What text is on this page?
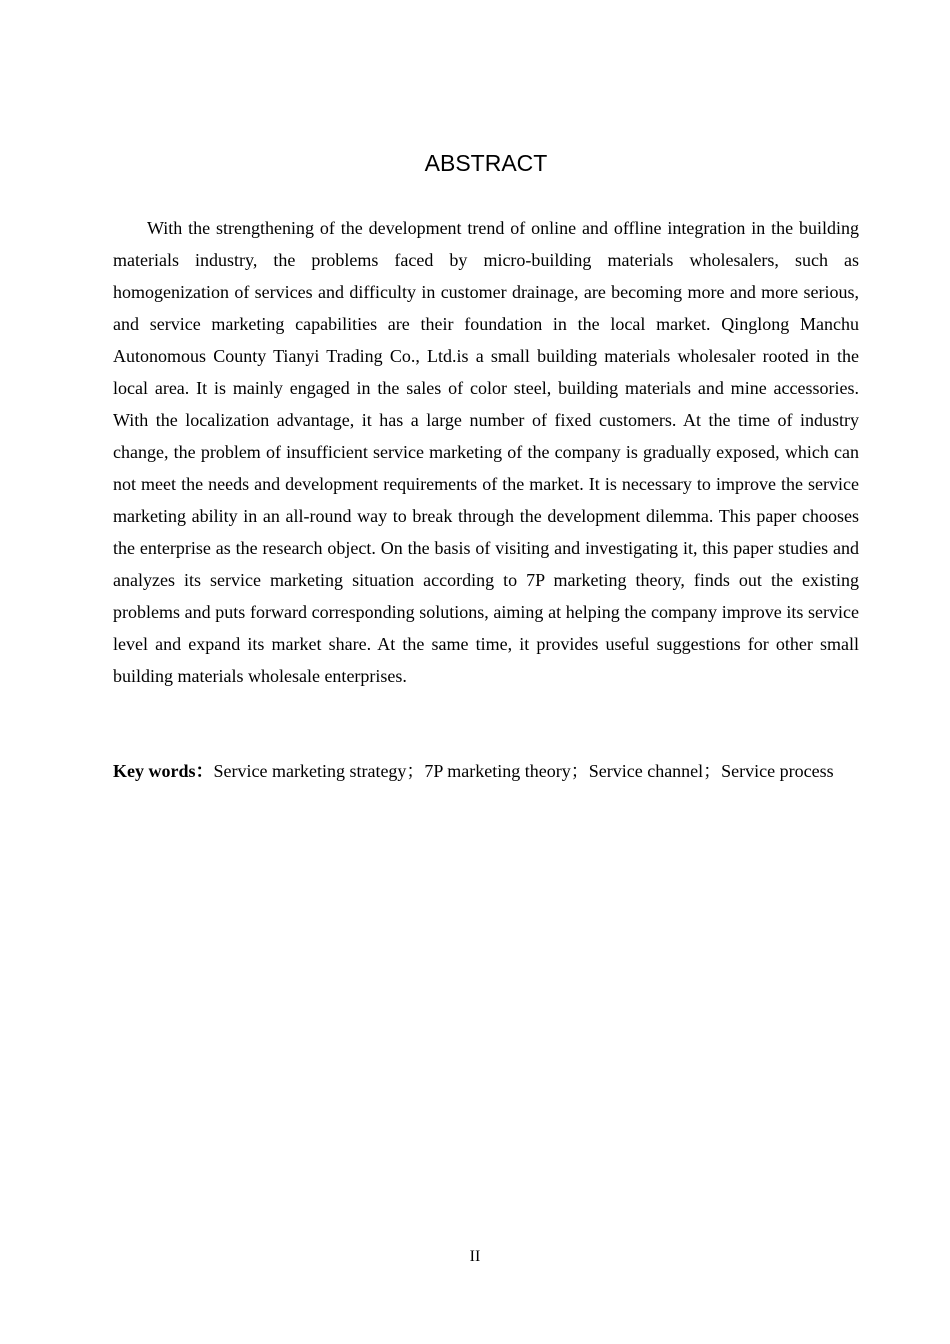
ABSTRACT

With the strengthening of the development trend of online and offline integration in the building materials industry, the problems faced by micro-building materials wholesalers, such as homogenization of services and difficulty in customer drainage, are becoming more and more serious, and service marketing capabilities are their foundation in the local market. Qinglong Manchu Autonomous County Tianyi Trading Co., Ltd.is a small building materials wholesaler rooted in the local area. It is mainly engaged in the sales of color steel, building materials and mine accessories. With the localization advantage, it has a large number of fixed customers. At the time of industry change, the problem of insufficient service marketing of the company is gradually exposed, which can not meet the needs and development requirements of the market. It is necessary to improve the service marketing ability in an all-round way to break through the development dilemma. This paper chooses the enterprise as the research object. On the basis of visiting and investigating it, this paper studies and analyzes its service marketing situation according to 7P marketing theory, finds out the existing problems and puts forward corresponding solutions, aiming at helping the company improve its service level and expand its market share. At the same time, it provides useful suggestions for other small building materials wholesale enterprises.

Key words：Service marketing strategy；7P marketing theory；Service channel；Service process

II
